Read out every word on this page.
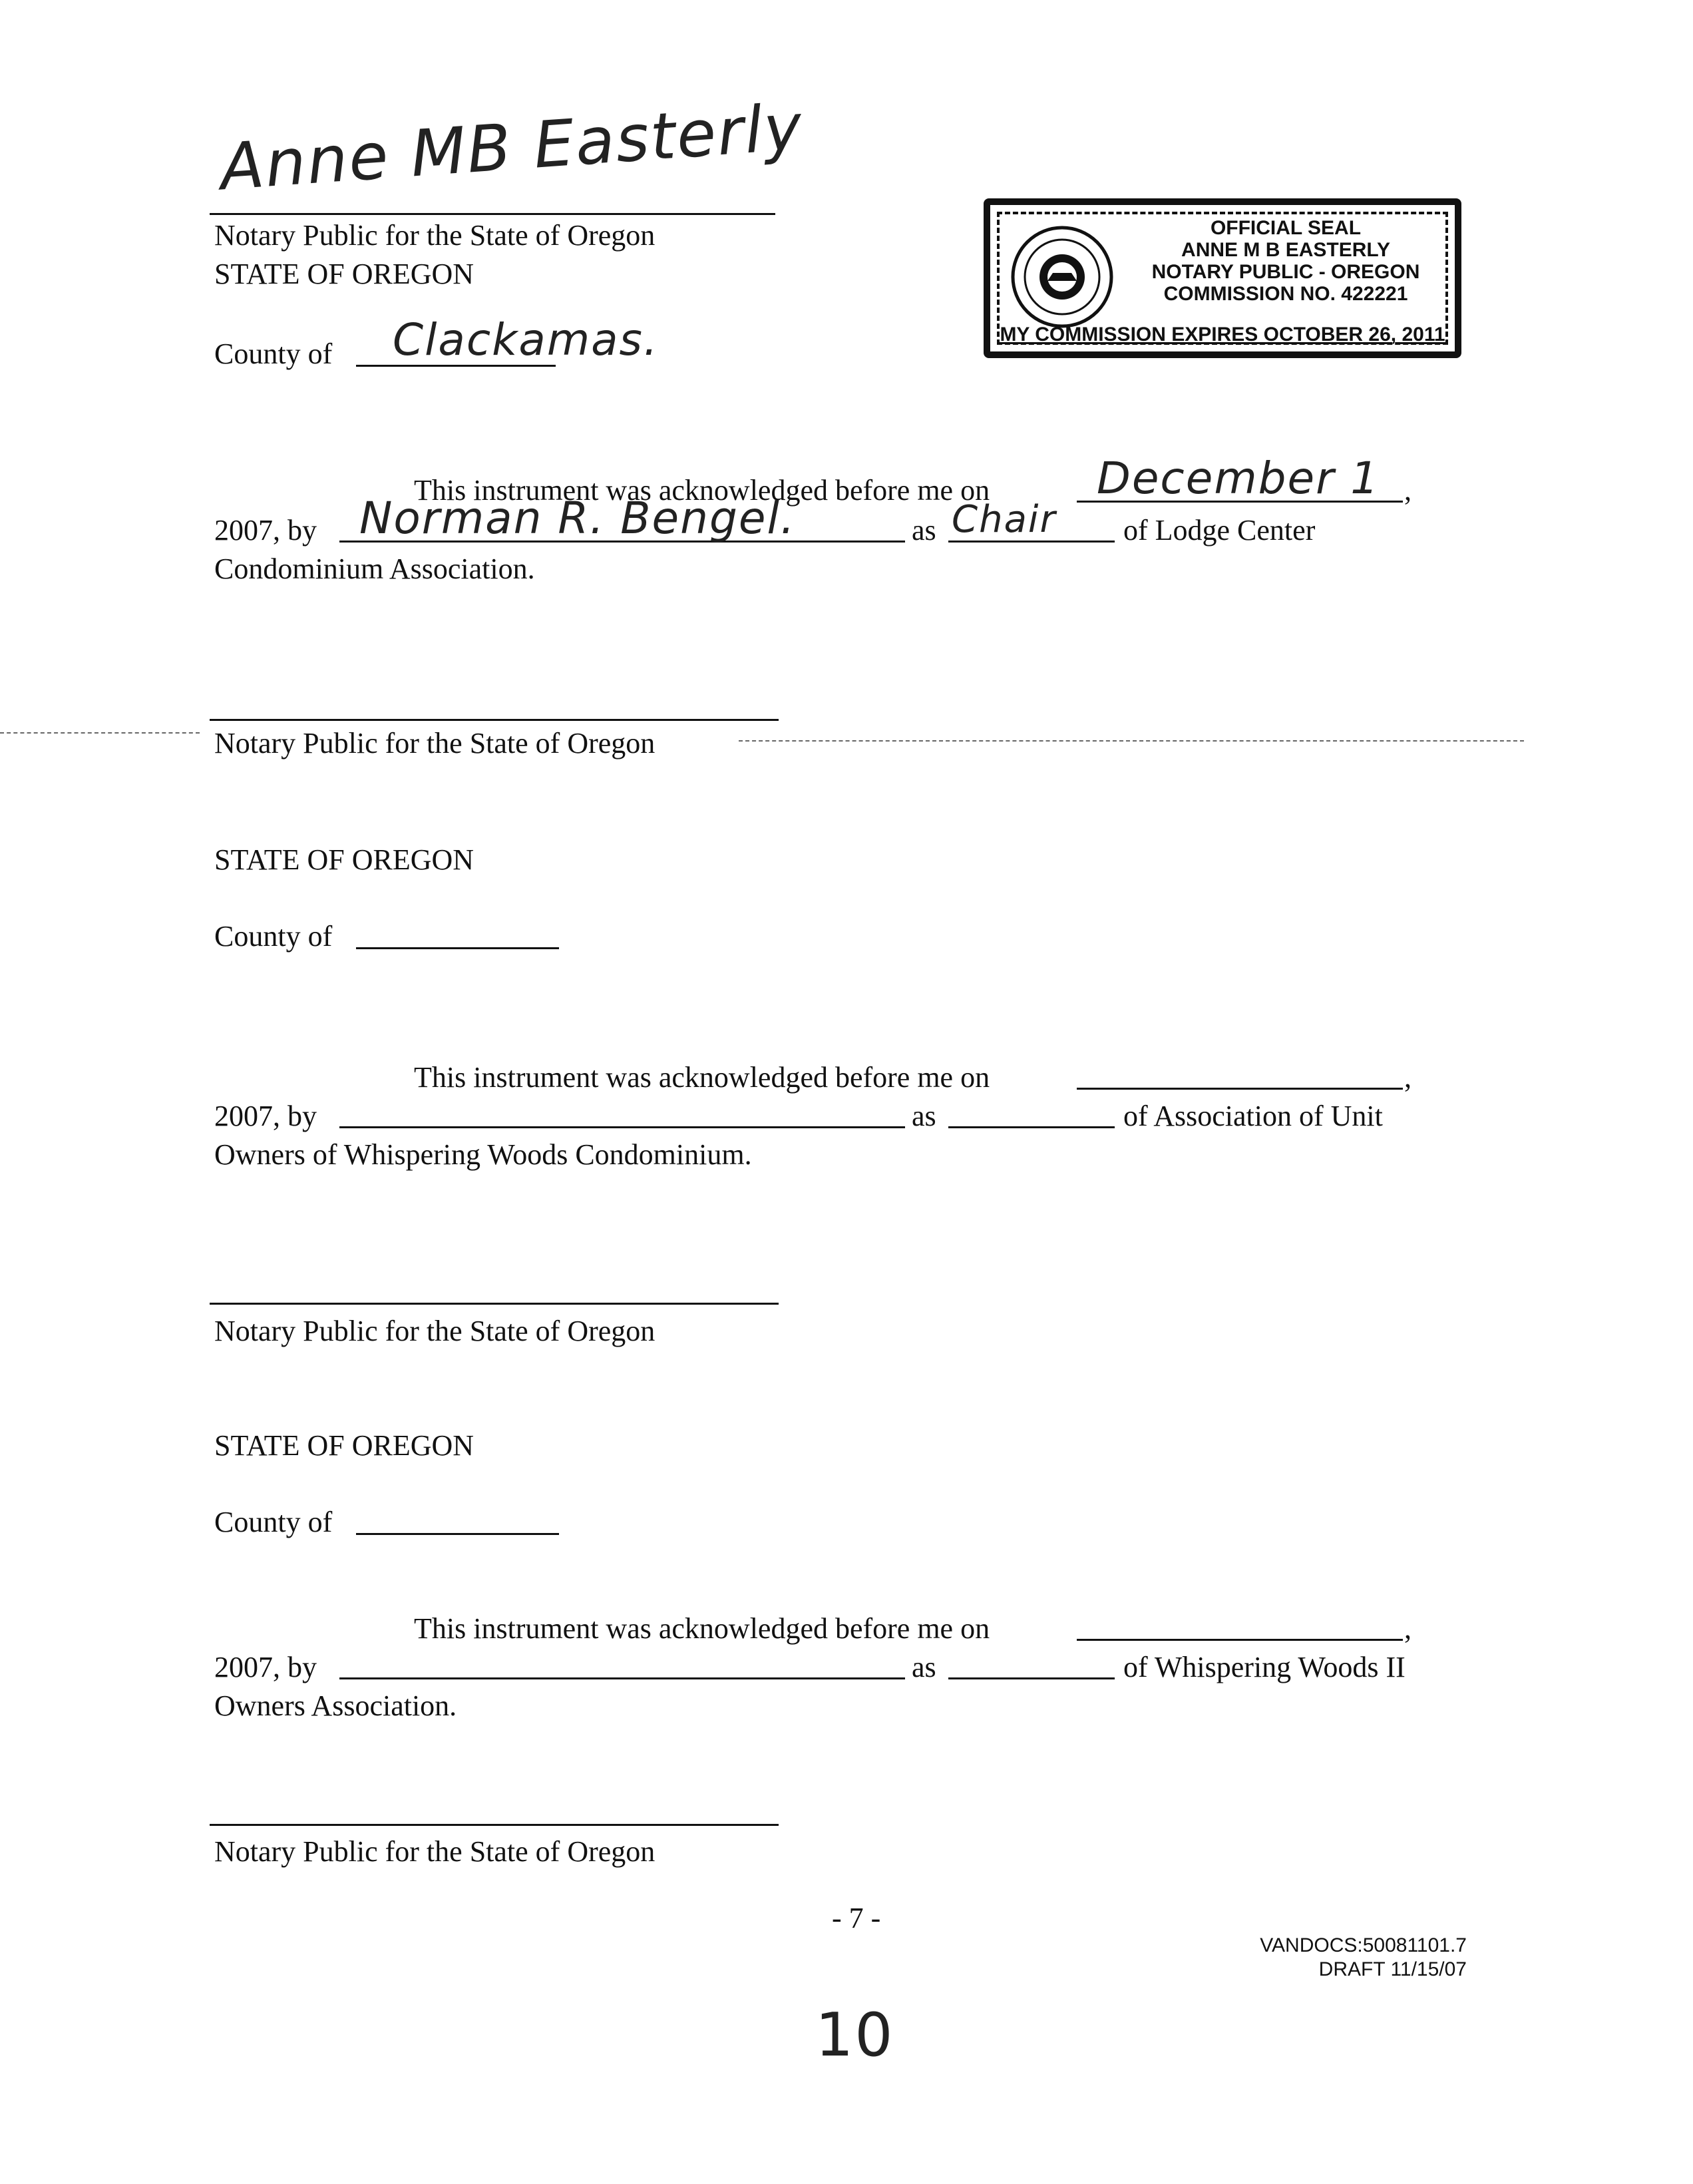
Anne MB Easterly
Notary Public for the State of Oregon
STATE OF OREGON
County of Clackamas.
OFFICIAL SEAL
ANNE M B EASTERLY
NOTARY PUBLIC - OREGON
COMMISSION NO. 422221
MY COMMISSION EXPIRES OCTOBER 26, 2011
This instrument was acknowledged before me on December 1 ,
2007, by Norman R. Bengel.	as Chair of Lodge Center
Condominium Association.
Notary Public for the State of Oregon
STATE OF OREGON
County of
This instrument was acknowledged before me on	,
2007, by	as	of Association of Unit
Owners of Whispering Woods Condominium.
Notary Public for the State of Oregon
STATE OF OREGON
County of
This instrument was acknowledged before me on	,
2007, by	as	of Whispering Woods II
Owners Association.
Notary Public for the State of Oregon
- 7 -
VANDOCS:50081101.7
DRAFT 11/15/07
10
